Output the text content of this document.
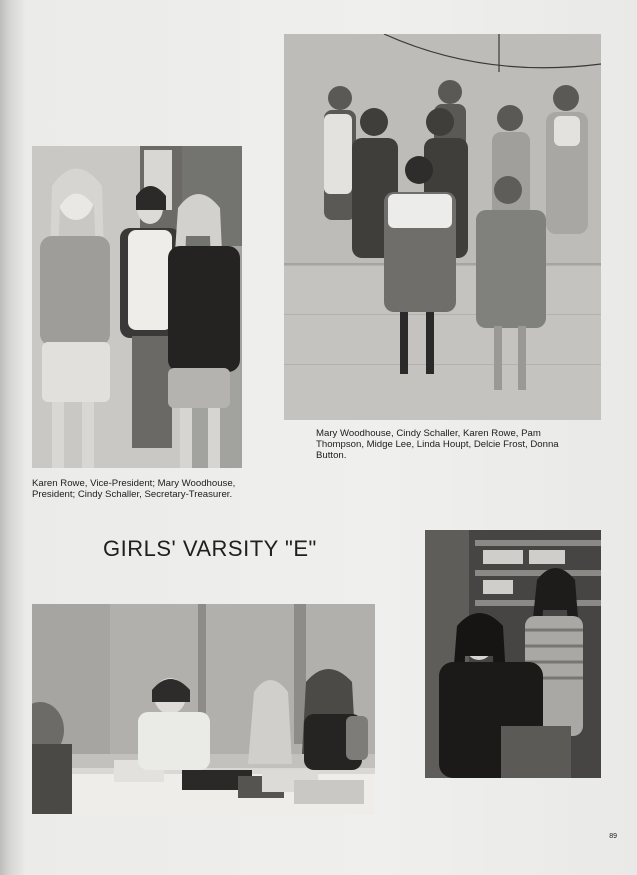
Mary Woodhouse, Cindy Schaller, Karen Rowe, Pam Thompson, Midge Lee, Linda Houpt, Delcie Frost, Donna Button.
Karen Rowe, Vice-President; Mary Woodhouse, President; Cindy Schaller, Secretary-Treasurer.
GIRLS' VARSITY "E"
89
